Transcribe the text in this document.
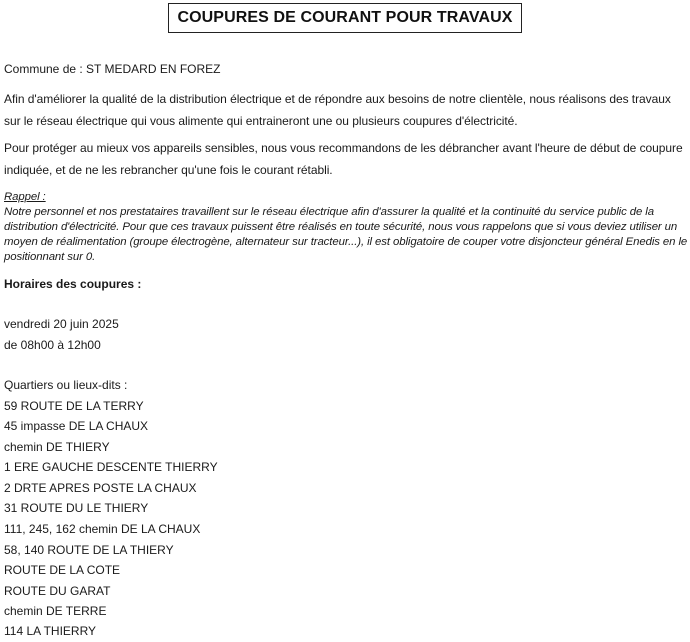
COUPURES DE COURANT POUR TRAVAUX
Commune de : ST MEDARD EN FOREZ
Afin d'améliorer la qualité de la distribution électrique et de répondre aux besoins de notre clientèle, nous réalisons des travaux sur le réseau électrique qui vous alimente qui entraineront une ou plusieurs coupures d'électricité.
Pour protéger au mieux vos appareils sensibles, nous vous recommandons de les débrancher avant l'heure de début de coupure indiquée, et de ne les rebrancher qu'une fois le courant rétabli.
Rappel :
Notre personnel et nos prestataires travaillent sur le réseau électrique afin d'assurer la qualité et la continuité du service public de la distribution d'électricité. Pour que ces travaux puissent être réalisés en toute sécurité, nous vous rappelons que si vous deviez utiliser un moyen de réalimentation (groupe électrogène, alternateur sur tracteur...), il est obligatoire de couper votre disjoncteur général Enedis en le positionnant sur 0.
Horaires des coupures :
vendredi 20 juin 2025
de 08h00 à 12h00
Quartiers ou lieux-dits :
59 ROUTE DE LA TERRY
45 impasse DE LA CHAUX
chemin DE THIERY
1 ERE GAUCHE DESCENTE THIERRY
2 DRTE APRES POSTE LA CHAUX
31 ROUTE DU LE THIERY
111, 245, 162 chemin DE LA CHAUX
58, 140 ROUTE DE LA THIERY
ROUTE DE LA COTE
ROUTE DU GARAT
chemin DE TERRE
114 LA THIERRY
